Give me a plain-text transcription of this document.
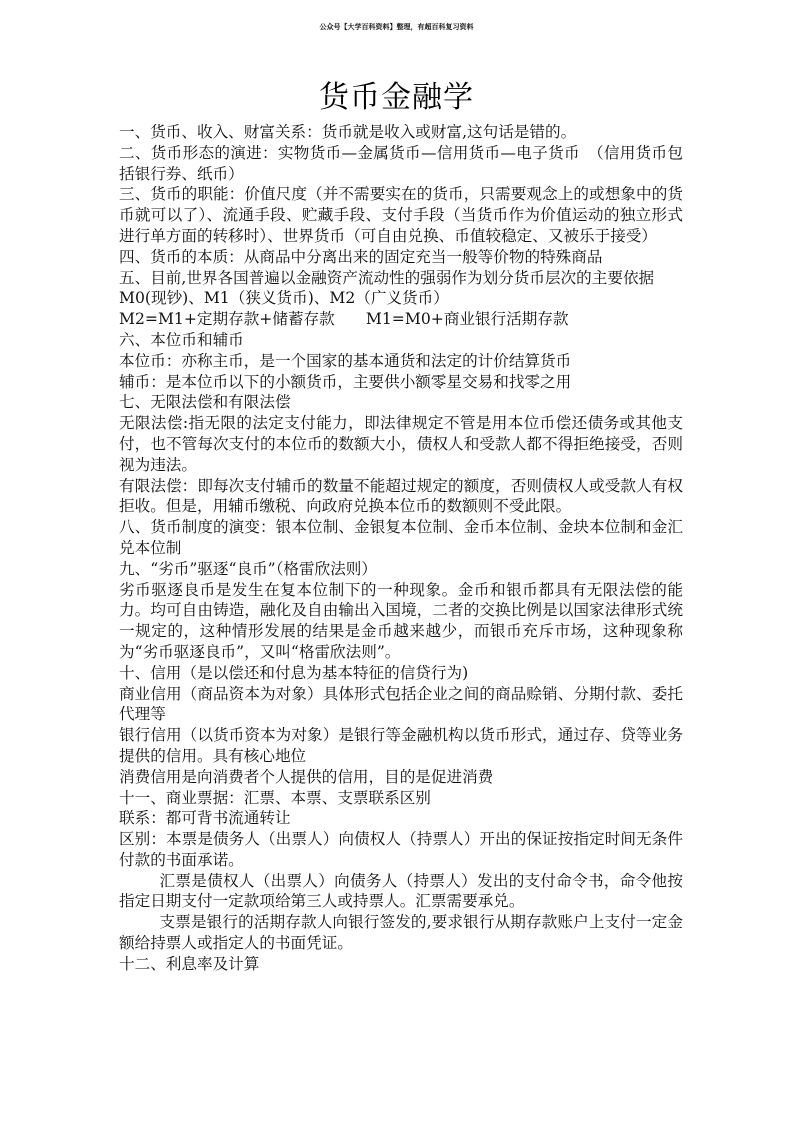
公众号【大学百科资料】整理，有超百科复习资料
货币金融学

一、货币、收入、财富关系：货币就是收入或财富,这句话是错的。

二、货币形态的演进：实物货币—金属货币—信用货币—电子货币　（信用货币包括银行券、纸币）

三、货币的职能：价值尺度（并不需要实在的货币，只需要观念上的或想象中的货币就可以了）、流通手段、贮藏手段、支付手段（当货币作为价值运动的独立形式进行单方面的转移时）、世界货币（可自由兑换、币值较稳定、又被乐于接受）

四、货币的本质：从商品中分离出来的固定充当一般等价物的特殊商品

五、目前,世界各国普遍以金融资产流动性的强弱作为划分货币层次的主要依据

M0(现钞)、M1（狭义货币)、M2（广义货币）

M2=M1+定期存款+储蓄存款　　M1=M0+商业银行活期存款

六、本位币和辅币

本位币：亦称主币，是一个国家的基本通货和法定的计价结算货币

辅币：是本位币以下的小额货币，主要供小额零星交易和找零之用

七、无限法偿和有限法偿

无限法偿:指无限的法定支付能力，即法律规定不管是用本位币偿还债务或其他支付，也不管每次支付的本位币的数额大小，债权人和受款人都不得拒绝接受，否则视为违法。

有限法偿：即每次支付辅币的数量不能超过规定的额度，否则债权人或受款人有权拒收。但是，用辅币缴税、向政府兑换本位币的数额则不受此限。

八、货币制度的演变：银本位制、金银复本位制、金币本位制、金块本位制和金汇兑本位制

九、“劣币”驱逐“良币”（格雷欣法则）

劣币驱逐良币是发生在复本位制下的一种现象。金币和银币都具有无限法偿的能力。均可自由铸造，融化及自由输出入国境，二者的交换比例是以国家法律形式统一规定的，这种情形发展的结果是金币越来越少，而银币充斥市场，这种现象称为“劣币驱逐良币”，又叫“格雷欣法则”。

十、信用（是以偿还和付息为基本特征的信贷行为)

商业信用（商品资本为对象）具体形式包括企业之间的商品赊销、分期付款、委托代理等

银行信用（以货币资本为对象）是银行等金融机构以货币形式，通过存、贷等业务提供的信用。具有核心地位

消费信用是向消费者个人提供的信用，目的是促进消费

十一、商业票据：汇票、本票、支票联系区别

联系：都可背书流通转让

区别：本票是债务人（出票人）向债权人（持票人）开出的保证按指定时间无条件付款的书面承诺。

汇票是债权人（出票人）向债务人（持票人）发出的支付命令书，命令他按指定日期支付一定款项给第三人或持票人。汇票需要承兑。

支票是银行的活期存款人向银行签发的,要求银行从期存款账户上支付一定金额给持票人或指定人的书面凭证。

十二、利息率及计算
